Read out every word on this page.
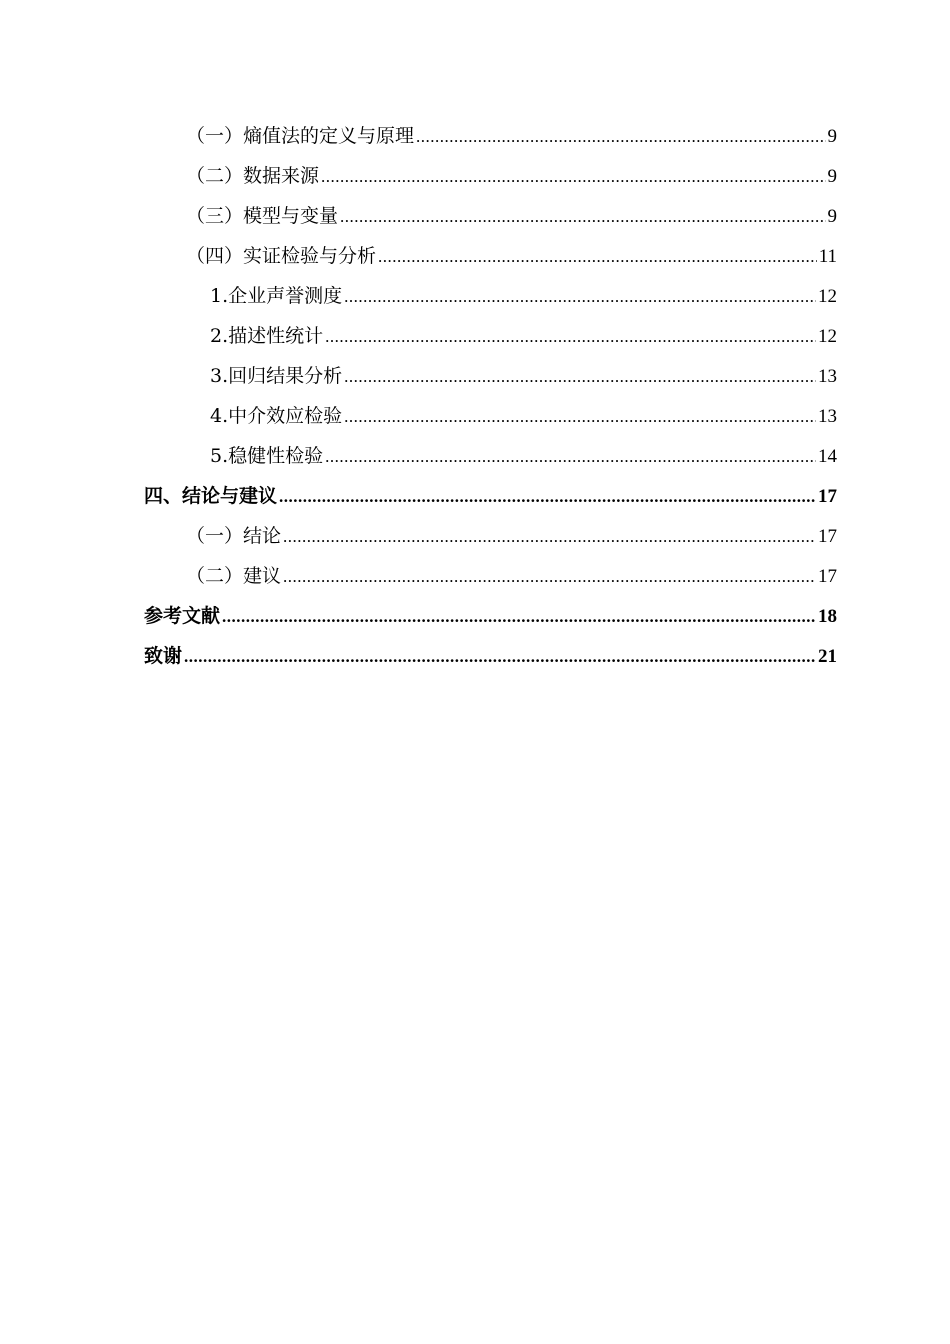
（一）熵值法的定义与原理 .....	9
（二）数据来源 .....	9
（三）模型与变量 .....	9
（四）实证检验与分析 .....	11
1.企业声誉测度 .....	12
2.描述性统计 .....	12
3.回归结果分析 .....	13
4.中介效应检验 .....	13
5.稳健性检验 .....	14
四、结论与建议 .....	17
（一）结论 .....	17
（二）建议 .....	17
参考文献 .....	18
致谢 .....	21
